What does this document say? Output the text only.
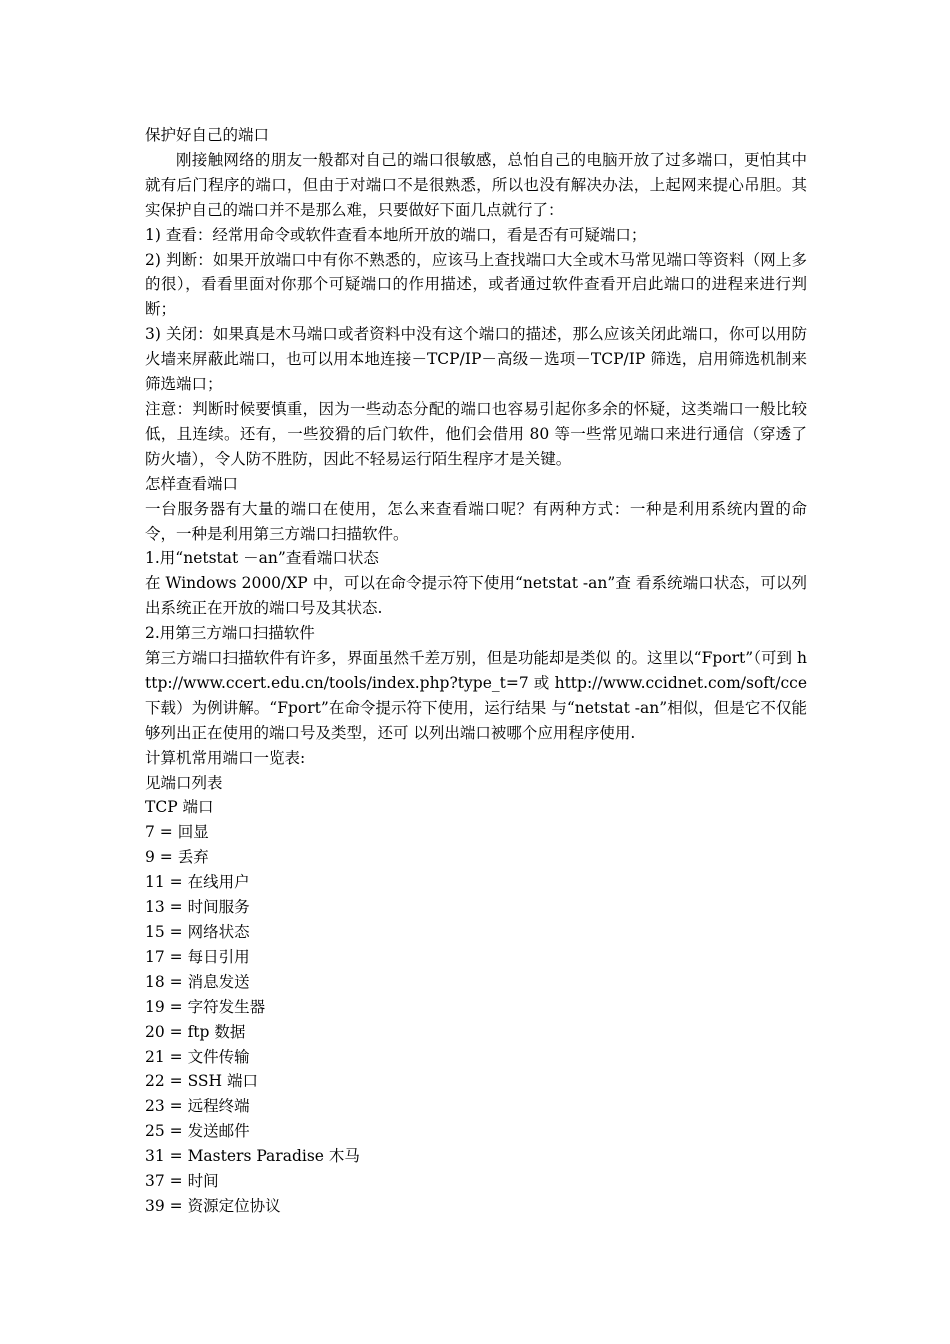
保护好自己的端口

刚接触网络的朋友一般都对自己的端口很敏感，总怕自己的电脑开放了过多端口，更怕其中就有后门程序的端口，但由于对端口不是很熟悉，所以也没有解决办法，上起网来提心吊胆。其实保护自己的端口并不是那么难，只要做好下面几点就行了：

1) 查看：经常用命令或软件查看本地所开放的端口，看是否有可疑端口；

2) 判断：如果开放端口中有你不熟悉的，应该马上查找端口大全或木马常见端口等资料（网上多的很），看看里面对你那个可疑端口的作用描述，或者通过软件查看开启此端口的进程来进行判断；

3) 关闭：如果真是木马端口或者资料中没有这个端口的描述，那么应该关闭此端口，你可以用防火墙来屏蔽此端口，也可以用本地连接－TCP/IP－高级－选项－TCP/IP 筛选，启用筛选机制来筛选端口；

注意：判断时候要慎重，因为一些动态分配的端口也容易引起你多余的怀疑，这类端口一般比较低，且连续。还有，一些狡猾的后门软件，他们会借用 80 等一些常见端口来进行通信（穿透了防火墙），令人防不胜防，因此不轻易运行陌生程序才是关键。

怎样查看端口

一台服务器有大量的端口在使用，怎么来查看端口呢？有两种方式：一种是利用系统内置的命令，一种是利用第三方端口扫描软件。

1.用“netstat －an”查看端口状态

在 Windows 2000/XP 中，可以在命令提示符下使用“netstat -an”查 看系统端口状态，可以列出系统正在开放的端口号及其状态.

2.用第三方端口扫描软件

第三方端口扫描软件有许多，界面虽然千差万别，但是功能却是类似 的。这里以“Fport”（可到 http://www.ccert.edu.cn/tools/index.php?type_t=7 或 http://www.ccidnet.com/soft/cce 下载）为例讲解。“Fport”在命令提示符下使用，运行结果 与“netstat -an”相似，但是它不仅能够列出正在使用的端口号及类型，还可 以列出端口被哪个应用程序使用.

计算机常用端口一览表:

见端口列表

TCP 端口

7 = 回显

9 = 丢弃

11 = 在线用户

13 = 时间服务

15 = 网络状态

17 = 每日引用

18 = 消息发送

19 = 字符发生器

20 = ftp 数据

21 = 文件传输

22 = SSH 端口

23 = 远程终端

25 = 发送邮件

31 = Masters Paradise 木马

37 = 时间

39 = 资源定位协议
